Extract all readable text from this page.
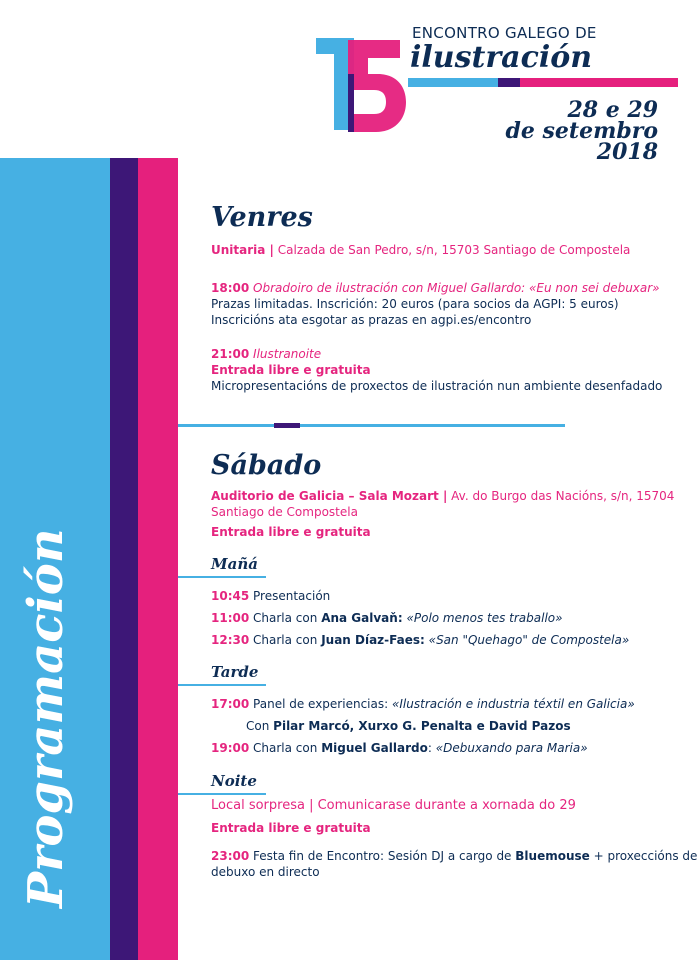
Programación
ENCONTRO GALEGO DE
ilustración
28 e 29
de setembro
2018
Venres
Unitaria | Calzada de San Pedro, s/n, 15703 Santiago de Compostela
18:00 Obradoiro de ilustración con Miguel Gallardo: «Eu non sei debuxar»
Prazas limitadas. Inscrición: 20 euros (para socios da AGPI: 5 euros)
Inscricións ata esgotar as prazas en agpi.es/encontro
21:00 Ilustranoite
Entrada libre e gratuita
Micropresentacións de proxectos de ilustración nun ambiente desenfadado
Sábado
Auditorio de Galicia – Sala Mozart | Av. do Burgo das Nacións, s/n, 15704
Santiago de Compostela
Entrada libre e gratuita
Mañá
10:45 Presentación
11:00 Charla con Ana Galvaň: «Polo menos tes traballo»
12:30 Charla con Juan Díaz-Faes: «San "Quehago" de Compostela»
Tarde
17:00 Panel de experiencias: «Ilustración e industria téxtil en Galicia»
Con Pilar Marcó, Xurxo G. Penalta e David Pazos
19:00 Charla con Miguel Gallardo: «Debuxando para Maria»
Noite
Local sorpresa | Comunicarase durante a xornada do 29
Entrada libre e gratuita
23:00 Festa fin de Encontro: Sesión DJ a cargo de Bluemouse + proxeccións de
debuxo en directo
